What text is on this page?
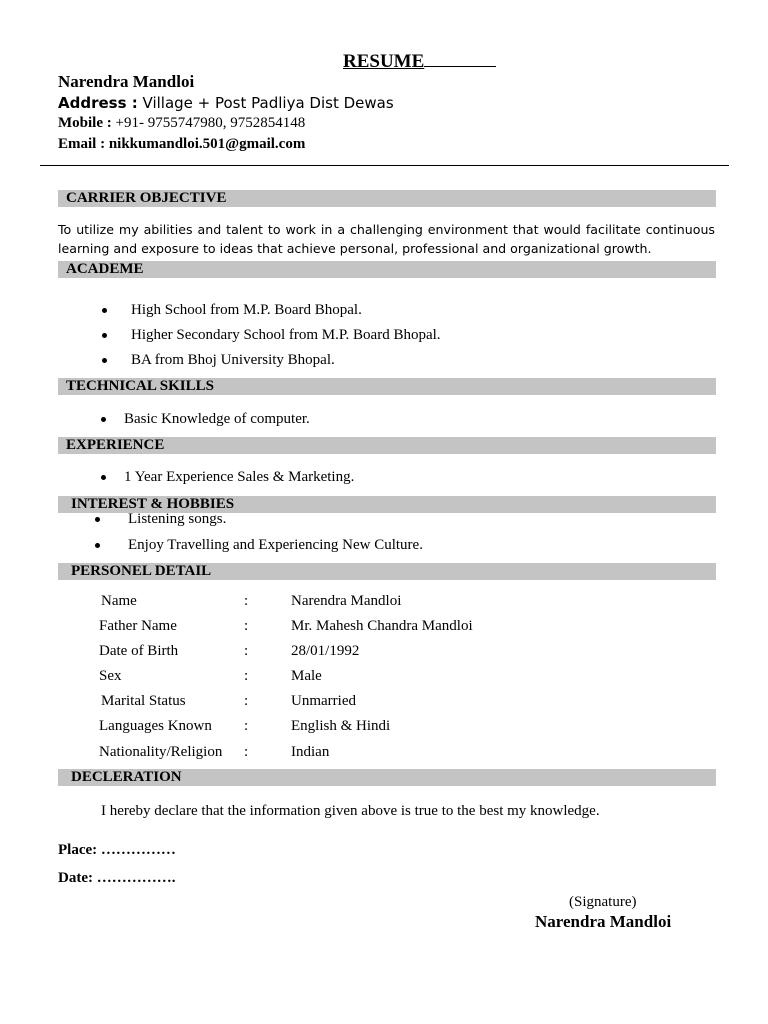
RESUME
Narendra Mandloi
Address : Village + Post Padliya Dist Dewas
Mobile : +91- 9755747980, 9752854148
Email : nikkumandloi.501@gmail.com
CARRIER OBJECTIVE
To utilize my abilities and talent to work in a challenging environment that would facilitate continuous learning and exposure to ideas that achieve personal, professional and organizational growth.
ACADEME
High School from M.P. Board Bhopal.
Higher Secondary School from M.P. Board Bhopal.
BA from Bhoj University Bhopal.
TECHNICAL SKILLS
Basic Knowledge of computer.
EXPERIENCE
1 Year Experience Sales & Marketing.
INTEREST & HOBBIES
Listening songs.
Enjoy Travelling and Experiencing New Culture.
PERSONEL DETAIL
Name	:	Narendra Mandloi
Father Name	:	Mr. Mahesh Chandra Mandloi
Date of Birth	:	28/01/1992
Sex	:	Male
Marital Status	:	Unmarried
Languages Known :	English & Hindi
Nationality/Religion :	Indian
DECLERATION
I hereby declare that the information given above is true to the best my knowledge.
Place: ……………
Date: …………….
(Signature)
Narendra Mandloi
